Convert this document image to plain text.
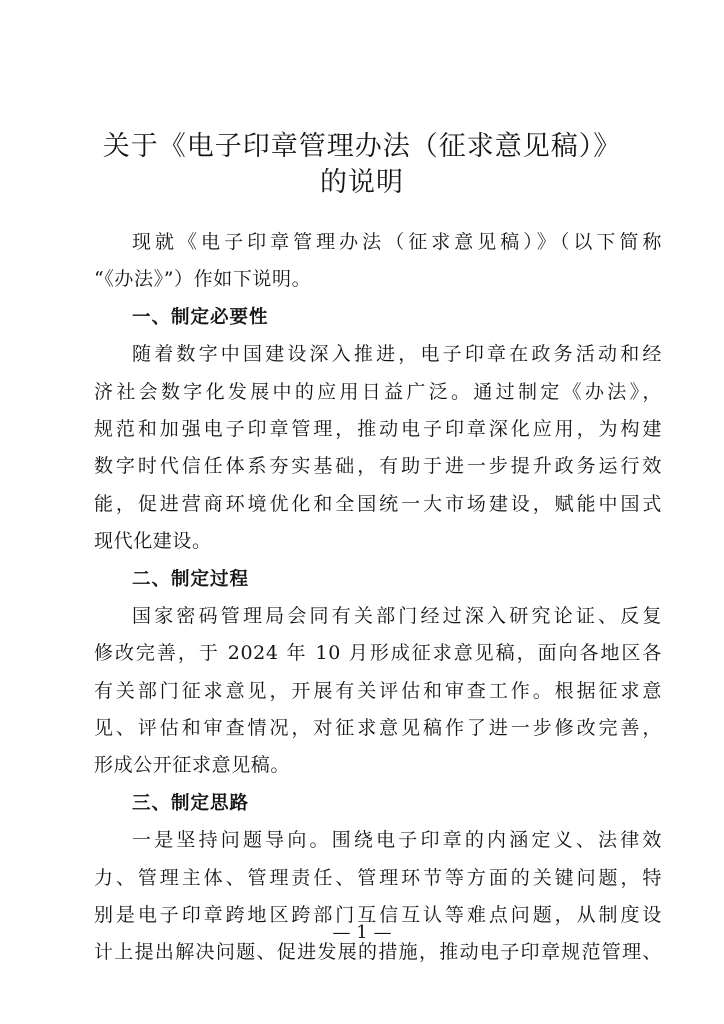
关于《电子印章管理办法（征求意见稿）》
的说明
现就《电子印章管理办法（征求意见稿）》（以下简称
“《办法》”）作如下说明。
一、制定必要性
随着数字中国建设深入推进，电子印章在政务活动和经
济社会数字化发展中的应用日益广泛。通过制定《办法》，
规范和加强电子印章管理，推动电子印章深化应用，为构建
数字时代信任体系夯实基础，有助于进一步提升政务运行效
能，促进营商环境优化和全国统一大市场建设，赋能中国式
现代化建设。
二、制定过程
国家密码管理局会同有关部门经过深入研究论证、反复
修改完善，于 2024 年 10 月形成征求意见稿，面向各地区各
有关部门征求意见，开展有关评估和审查工作。根据征求意
见、评估和审查情况，对征求意见稿作了进一步修改完善，
形成公开征求意见稿。
三、制定思路
一是坚持问题导向。围绕电子印章的内涵定义、法律效
力、管理主体、管理责任、管理环节等方面的关键问题，特
别是电子印章跨地区跨部门互信互认等难点问题，从制度设
计上提出解决问题、促进发展的措施，推动电子印章规范管理、
— 1 —
